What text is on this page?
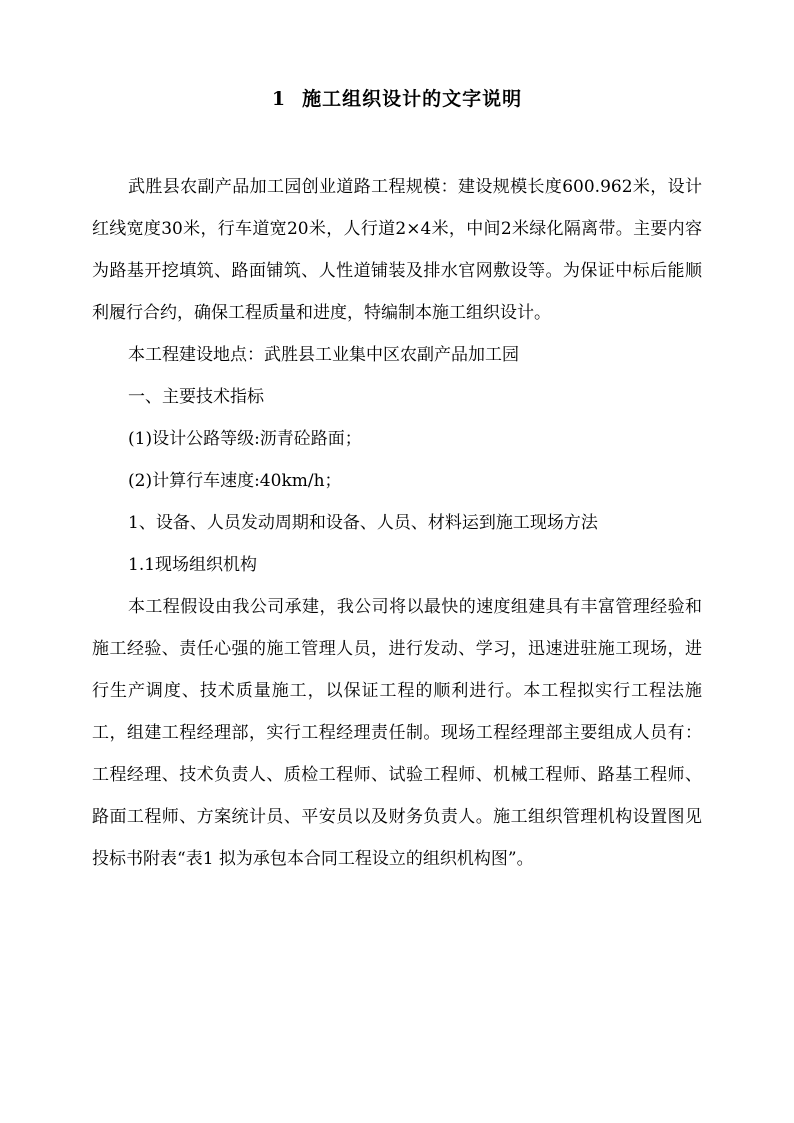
1 施工组织设计的文字说明

武胜县农副产品加工园创业道路工程规模：建设规模长度600.962米，设计红线宽度30米，行车道宽20米，人行道2×4米，中间2米绿化隔离带。主要内容为路基开挖填筑、路面铺筑、人性道铺装及排水官网敷设等。为保证中标后能顺利履行合约，确保工程质量和进度，特编制本施工组织设计。

本工程建设地点：武胜县工业集中区农副产品加工园

一、主要技术指标

(1)设计公路等级:沥青砼路面；

(2)计算行车速度:40km/h；

1、设备、人员发动周期和设备、人员、材料运到施工现场方法

1.1现场组织机构

本工程假设由我公司承建，我公司将以最快的速度组建具有丰富管理经验和施工经验、责任心强的施工管理人员，进行发动、学习，迅速进驻施工现场，进行生产调度、技术质量施工，以保证工程的顺利进行。本工程拟实行工程法施工，组建工程经理部，实行工程经理责任制。现场工程经理部主要组成人员有：工程经理、技术负责人、质检工程师、试验工程师、机械工程师、路基工程师、路面工程师、方案统计员、平安员以及财务负责人。施工组织管理机构设置图见投标书附表“表1 拟为承包本合同工程设立的组织机构图”。
